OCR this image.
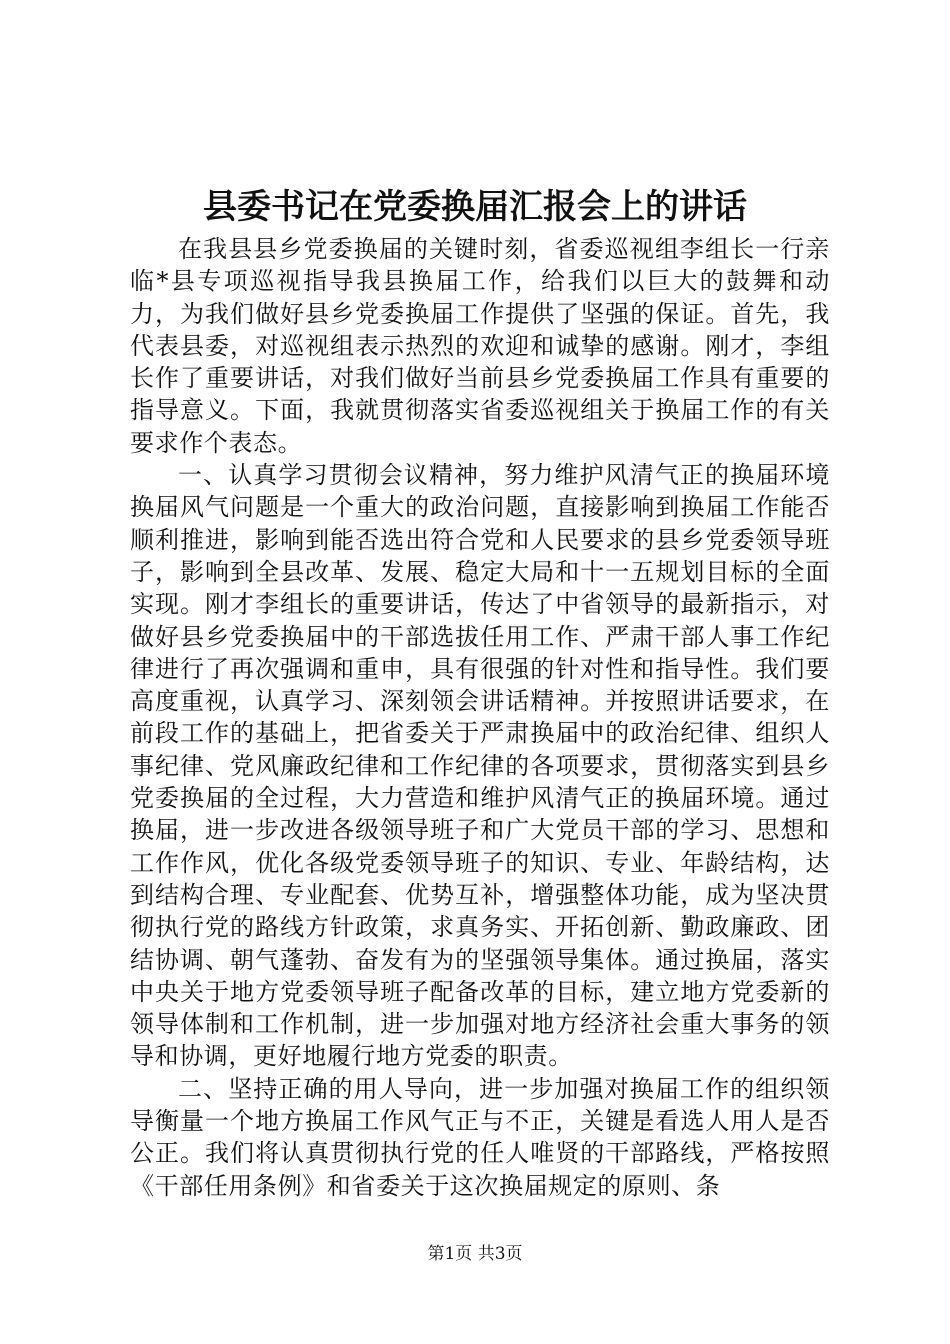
县委书记在党委换届汇报会上的讲话

在我县县乡党委换届的关键时刻，省委巡视组李组长一行亲临*县专项巡视指导我县换届工作，给我们以巨大的鼓舞和动力，为我们做好县乡党委换届工作提供了坚强的保证。首先，我代表县委，对巡视组表示热烈的欢迎和诚挚的感谢。刚才，李组长作了重要讲话，对我们做好当前县乡党委换届工作具有重要的指导意义。下面，我就贯彻落实省委巡视组关于换届工作的有关要求作个表态。

一、认真学习贯彻会议精神，努力维护风清气正的换届环境换届风气问题是一个重大的政治问题，直接影响到换届工作能否顺利推进，影响到能否选出符合党和人民要求的县乡党委领导班子，影响到全县改革、发展、稳定大局和十一五规划目标的全面实现。刚才李组长的重要讲话，传达了中省领导的最新指示，对做好县乡党委换届中的干部选拔任用工作、严肃干部人事工作纪律进行了再次强调和重申，具有很强的针对性和指导性。我们要高度重视，认真学习、深刻领会讲话精神。并按照讲话要求，在前段工作的基础上，把省委关于严肃换届中的政治纪律、组织人事纪律、党风廉政纪律和工作纪律的各项要求，贯彻落实到县乡党委换届的全过程，大力营造和维护风清气正的换届环境。通过换届，进一步改进各级领导班子和广大党员干部的学习、思想和工作作风，优化各级党委领导班子的知识、专业、年龄结构，达到结构合理、专业配套、优势互补，增强整体功能，成为坚决贯彻执行党的路线方针政策，求真务实、开拓创新、勤政廉政、团结协调、朝气蓬勃、奋发有为的坚强领导集体。通过换届，落实中央关于地方党委领导班子配备改革的目标，建立地方党委新的领导体制和工作机制，进一步加强对地方经济社会重大事务的领导和协调，更好地履行地方党委的职责。

二、坚持正确的用人导向，进一步加强对换届工作的组织领导衡量一个地方换届工作风气正与不正，关键是看选人用人是否公正。我们将认真贯彻执行党的任人唯贤的干部路线，严格按照《干部任用条例》和省委关于这次换届规定的原则、条

第1页 共3页
